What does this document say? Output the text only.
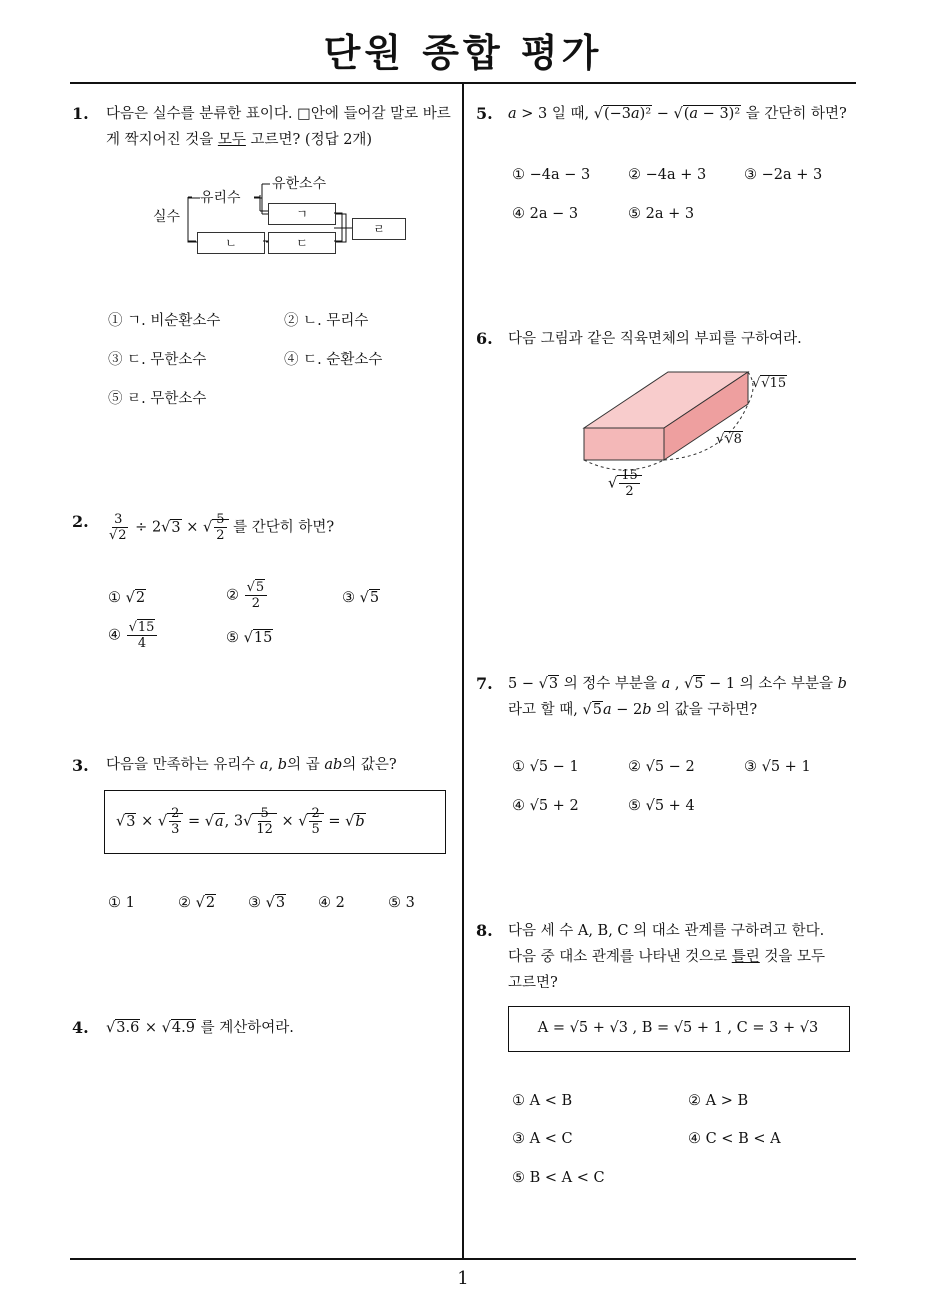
단원 종합 평가
1
1. 다음은 실수를 분류한 표이다. □안에 들어갈 말로 바르게 짝지어진 것을 모두 고르면? (정답 2개)
실수
유리수
유한소수
ㄱ
ㄴ	ㄷ
ㄹ
① ㄱ. 비순환소수	② ㄴ. 무리수
③ ㄷ. 무한소수	④ ㄷ. 순환소수
⑤ ㄹ. 무한소수
2. $\frac{3}{√2} \div 2√3$ × √ $\frac{5}{2}$ 를 간단히 하면?
① √2	② $\frac{√5}{2}$	③ √5
④ $\frac{√15}{4}$	⑤ √15
3. 다음을 만족하는 유리수 a, b의 곱 ab의 값은?
√3 × √ $\frac{2}{3} = √a$, $3√ \frac{5}{12}$ × √ $\frac{2}{5} = √b$
① 1	② √2 ③ √3 ④ 2	⑤ 3
4. √3.6 × √4.9 를 계산하여라.
5. a > 3 일 때, √(−3a)² − √(a − 3)² 을 간단히 하면?
① −4a − 3	② −4a + 3	③ −2a + 3
④ 2a − 3	⑤ 2a + 3
6. 다음 그림과 같은 직육면체의 부피를 구하여라.
√√15
√√8
√ $\frac{15}{2}$
7. 5 − √3 의 정수 부분을 a , √5 − 1 의 소수 부분을 b
라고 할 때, √5a − 2b 의 값을 구하면?
① √5 − 1	② √5 − 2	③ √5 + 1
④ √5 + 2	⑤ √5 + 4
8. 다음 세 수 A, B, C 의 대소 관계를 구하려고 한다.
다음 중 대소 관계를 나타낸 것으로 틀린 것을 모두
고르면?
A = √5 + √3 , B = √5 + 1 , C = 3 + √3
① A < B	② A > B
③ A < C	④ C < B < A
⑤ B < A < C
